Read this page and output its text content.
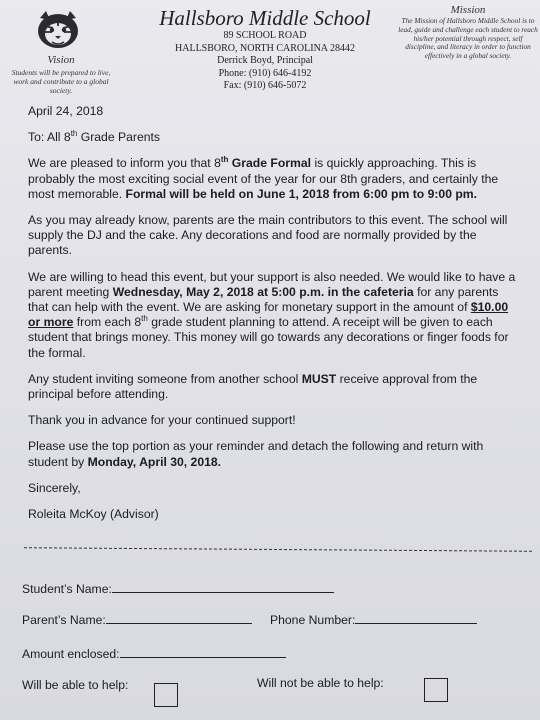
Vision
Students will be prepared to live, work and contribute to a global society.
Hallsboro Middle School
89 SCHOOL ROAD
HALLSBORO, NORTH CAROLINA 28442
Derrick Boyd, Principal
Phone: (910) 646-4192
Fax: (910) 646-5072
Mission
The Mission of Hallsboro Middle School is to lead, guide and challenge each student to reach his/her potential through respect, self discipline, and literacy in order to function effectively in a global society.

April 24, 2018

To: All 8th Grade Parents

We are pleased to inform you that 8th Grade Formal is quickly approaching. This is probably the most exciting social event of the year for our 8th graders, and certainly the most memorable. Formal will be held on June 1, 2018 from 6:00 pm to 9:00 pm.

As you may already know, parents are the main contributors to this event. The school will supply the DJ and the cake. Any decorations and food are normally provided by the parents.

We are willing to head this event, but your support is also needed. We would like to have a parent meeting Wednesday, May 2, 2018 at 5:00 p.m. in the cafeteria for any parents that can help with the event. We are asking for monetary support in the amount of $10.00 or more from each 8th grade student planning to attend. A receipt will be given to each student that brings money. This money will go towards any decorations or finger foods for the formal.

Any student inviting someone from another school MUST receive approval from the principal before attending.

Thank you in advance for your continued support!

Please use the top portion as your reminder and detach the following and return with student by Monday, April 30, 2018.

Sincerely,

Roleita McKoy (Advisor)

Student’s Name:
Parent’s Name:	Phone Number:
Amount enclosed:
Will be able to help:	Will not be able to help:
